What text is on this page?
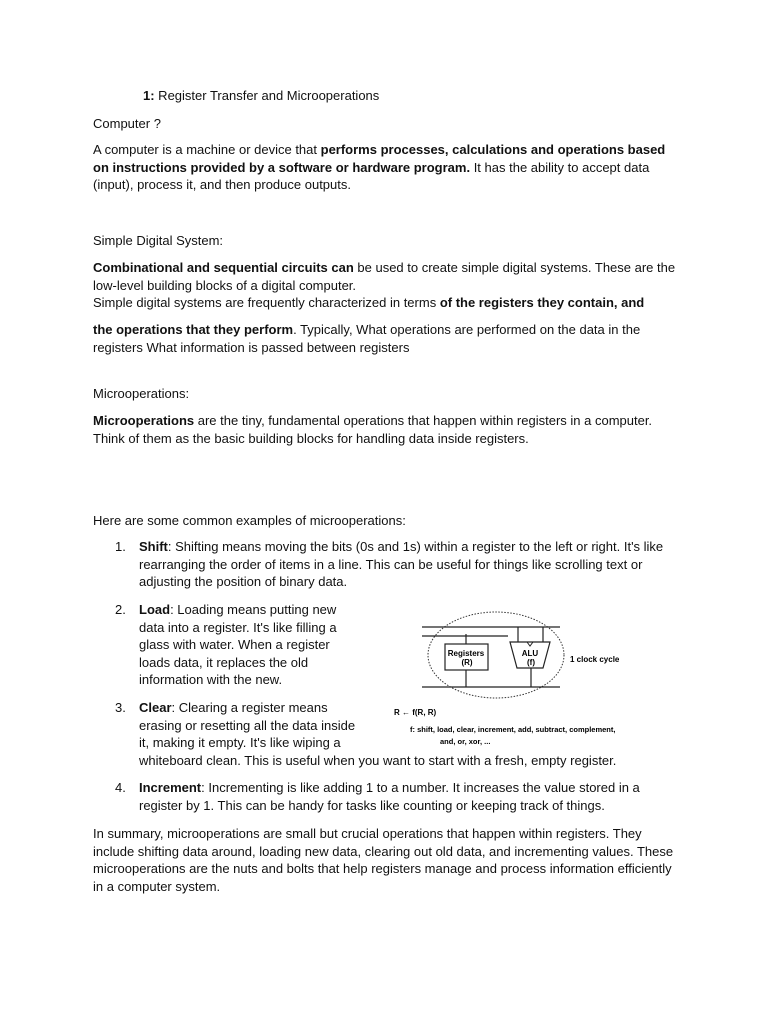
1: Register Transfer and Microoperations

Computer ?

A computer is a machine or device that performs processes, calculations and operations based on instructions provided by a software or hardware program. It has the ability to accept data (input), process it, and then produce outputs.

Simple Digital System:

Combinational and sequential circuits can be used to create simple digital systems. These are the low-level building blocks of a digital computer.
Simple digital systems are frequently characterized in terms of the registers they contain, and

the operations that they perform. Typically, What operations are performed on the data in the registers What information is passed between registers

Microoperations:

Microoperations are the tiny, fundamental operations that happen within registers in a computer. Think of them as the basic building blocks for handling data inside registers.

Here are some common examples of microoperations:

1. Shift: Shifting means moving the bits (0s and 1s) within a register to the left or right. It's like rearranging the order of items in a line. This can be useful for things like scrolling text or adjusting the position of binary data.

2. Load: Loading means putting new data into a register. It's like filling a glass with water. When a register loads data, it replaces the old information with the new.

3. Clear: Clearing a register means erasing or resetting all the data inside it, making it empty. It's like wiping a

whiteboard clean. This is useful when you want to start with a fresh, empty register.

4. Increment: Incrementing is like adding 1 to a number. It increases the value stored in a register by 1. This can be handy for tasks like counting or keeping track of things.

In summary, microoperations are small but crucial operations that happen within registers. They include shifting data around, loading new data, clearing out old data, and incrementing values. These microoperations are the nuts and bolts that help registers manage and process information efficiently in a computer system.

Registers
(R)
ALU
(f)	1 clock cycle
R ← f(R, R)
f: shift, load, clear, increment, add, subtract, complement,
and, or, xor, ...
